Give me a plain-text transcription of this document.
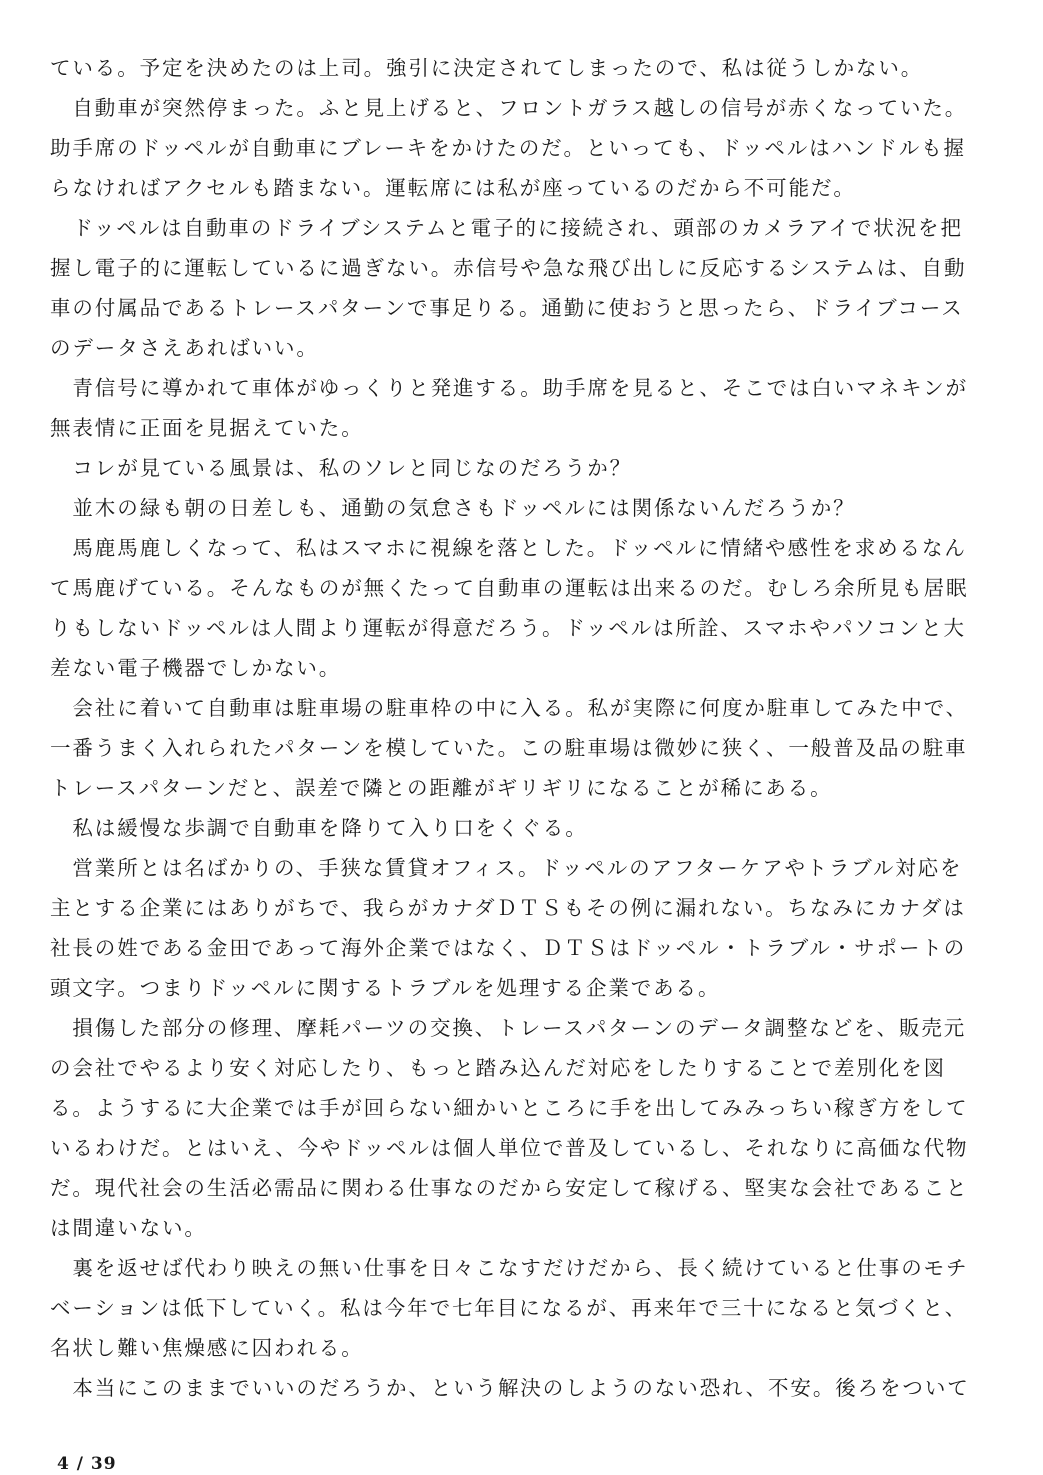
ている。予定を決めたのは上司。強引に決定されてしまったので、私は従うしかない。
　自動車が突然停まった。ふと見上げると、フロントガラス越しの信号が赤くなっていた。
助手席のドッペルが自動車にブレーキをかけたのだ。といっても、ドッペルはハンドルも握
らなければアクセルも踏まない。運転席には私が座っているのだから不可能だ。
　ドッペルは自動車のドライブシステムと電子的に接続され、頭部のカメラアイで状況を把
握し電子的に運転しているに過ぎない。赤信号や急な飛び出しに反応するシステムは、自動
車の付属品であるトレースパターンで事足りる。通勤に使おうと思ったら、ドライブコース
のデータさえあればいい。
　青信号に導かれて車体がゆっくりと発進する。助手席を見ると、そこでは白いマネキンが
無表情に正面を見据えていた。
　コレが見ている風景は、私のソレと同じなのだろうか？
　並木の緑も朝の日差しも、通勤の気怠さもドッペルには関係ないんだろうか？
　馬鹿馬鹿しくなって、私はスマホに視線を落とした。ドッペルに情緒や感性を求めるなん
て馬鹿げている。そんなものが無くたって自動車の運転は出来るのだ。むしろ余所見も居眠
りもしないドッペルは人間より運転が得意だろう。ドッペルは所詮、スマホやパソコンと大
差ない電子機器でしかない。
　会社に着いて自動車は駐車場の駐車枠の中に入る。私が実際に何度か駐車してみた中で、
一番うまく入れられたパターンを模していた。この駐車場は微妙に狭く、一般普及品の駐車
トレースパターンだと、誤差で隣との距離がギリギリになることが稀にある。
　私は緩慢な歩調で自動車を降りて入り口をくぐる。
　営業所とは名ばかりの、手狭な賃貸オフィス。ドッペルのアフターケアやトラブル対応を
主とする企業にはありがちで、我らがカナダＤＴＳもその例に漏れない。ちなみにカナダは
社長の姓である金田であって海外企業ではなく、ＤＴＳはドッペル・トラブル・サポートの
頭文字。つまりドッペルに関するトラブルを処理する企業である。
　損傷した部分の修理、摩耗パーツの交換、トレースパターンのデータ調整などを、販売元
の会社でやるより安く対応したり、もっと踏み込んだ対応をしたりすることで差別化を図
る。ようするに大企業では手が回らない細かいところに手を出してみみっちい稼ぎ方をして
いるわけだ。とはいえ、今やドッペルは個人単位で普及しているし、それなりに高価な代物
だ。現代社会の生活必需品に関わる仕事なのだから安定して稼げる、堅実な会社であること
は間違いない。
　裏を返せば代わり映えの無い仕事を日々こなすだけだから、長く続けていると仕事のモチ
ベーションは低下していく。私は今年で七年目になるが、再来年で三十になると気づくと、
名状し難い焦燥感に囚われる。
　本当にこのままでいいのだろうか、という解決のしようのない恐れ、不安。後ろをついて
4 / 39
